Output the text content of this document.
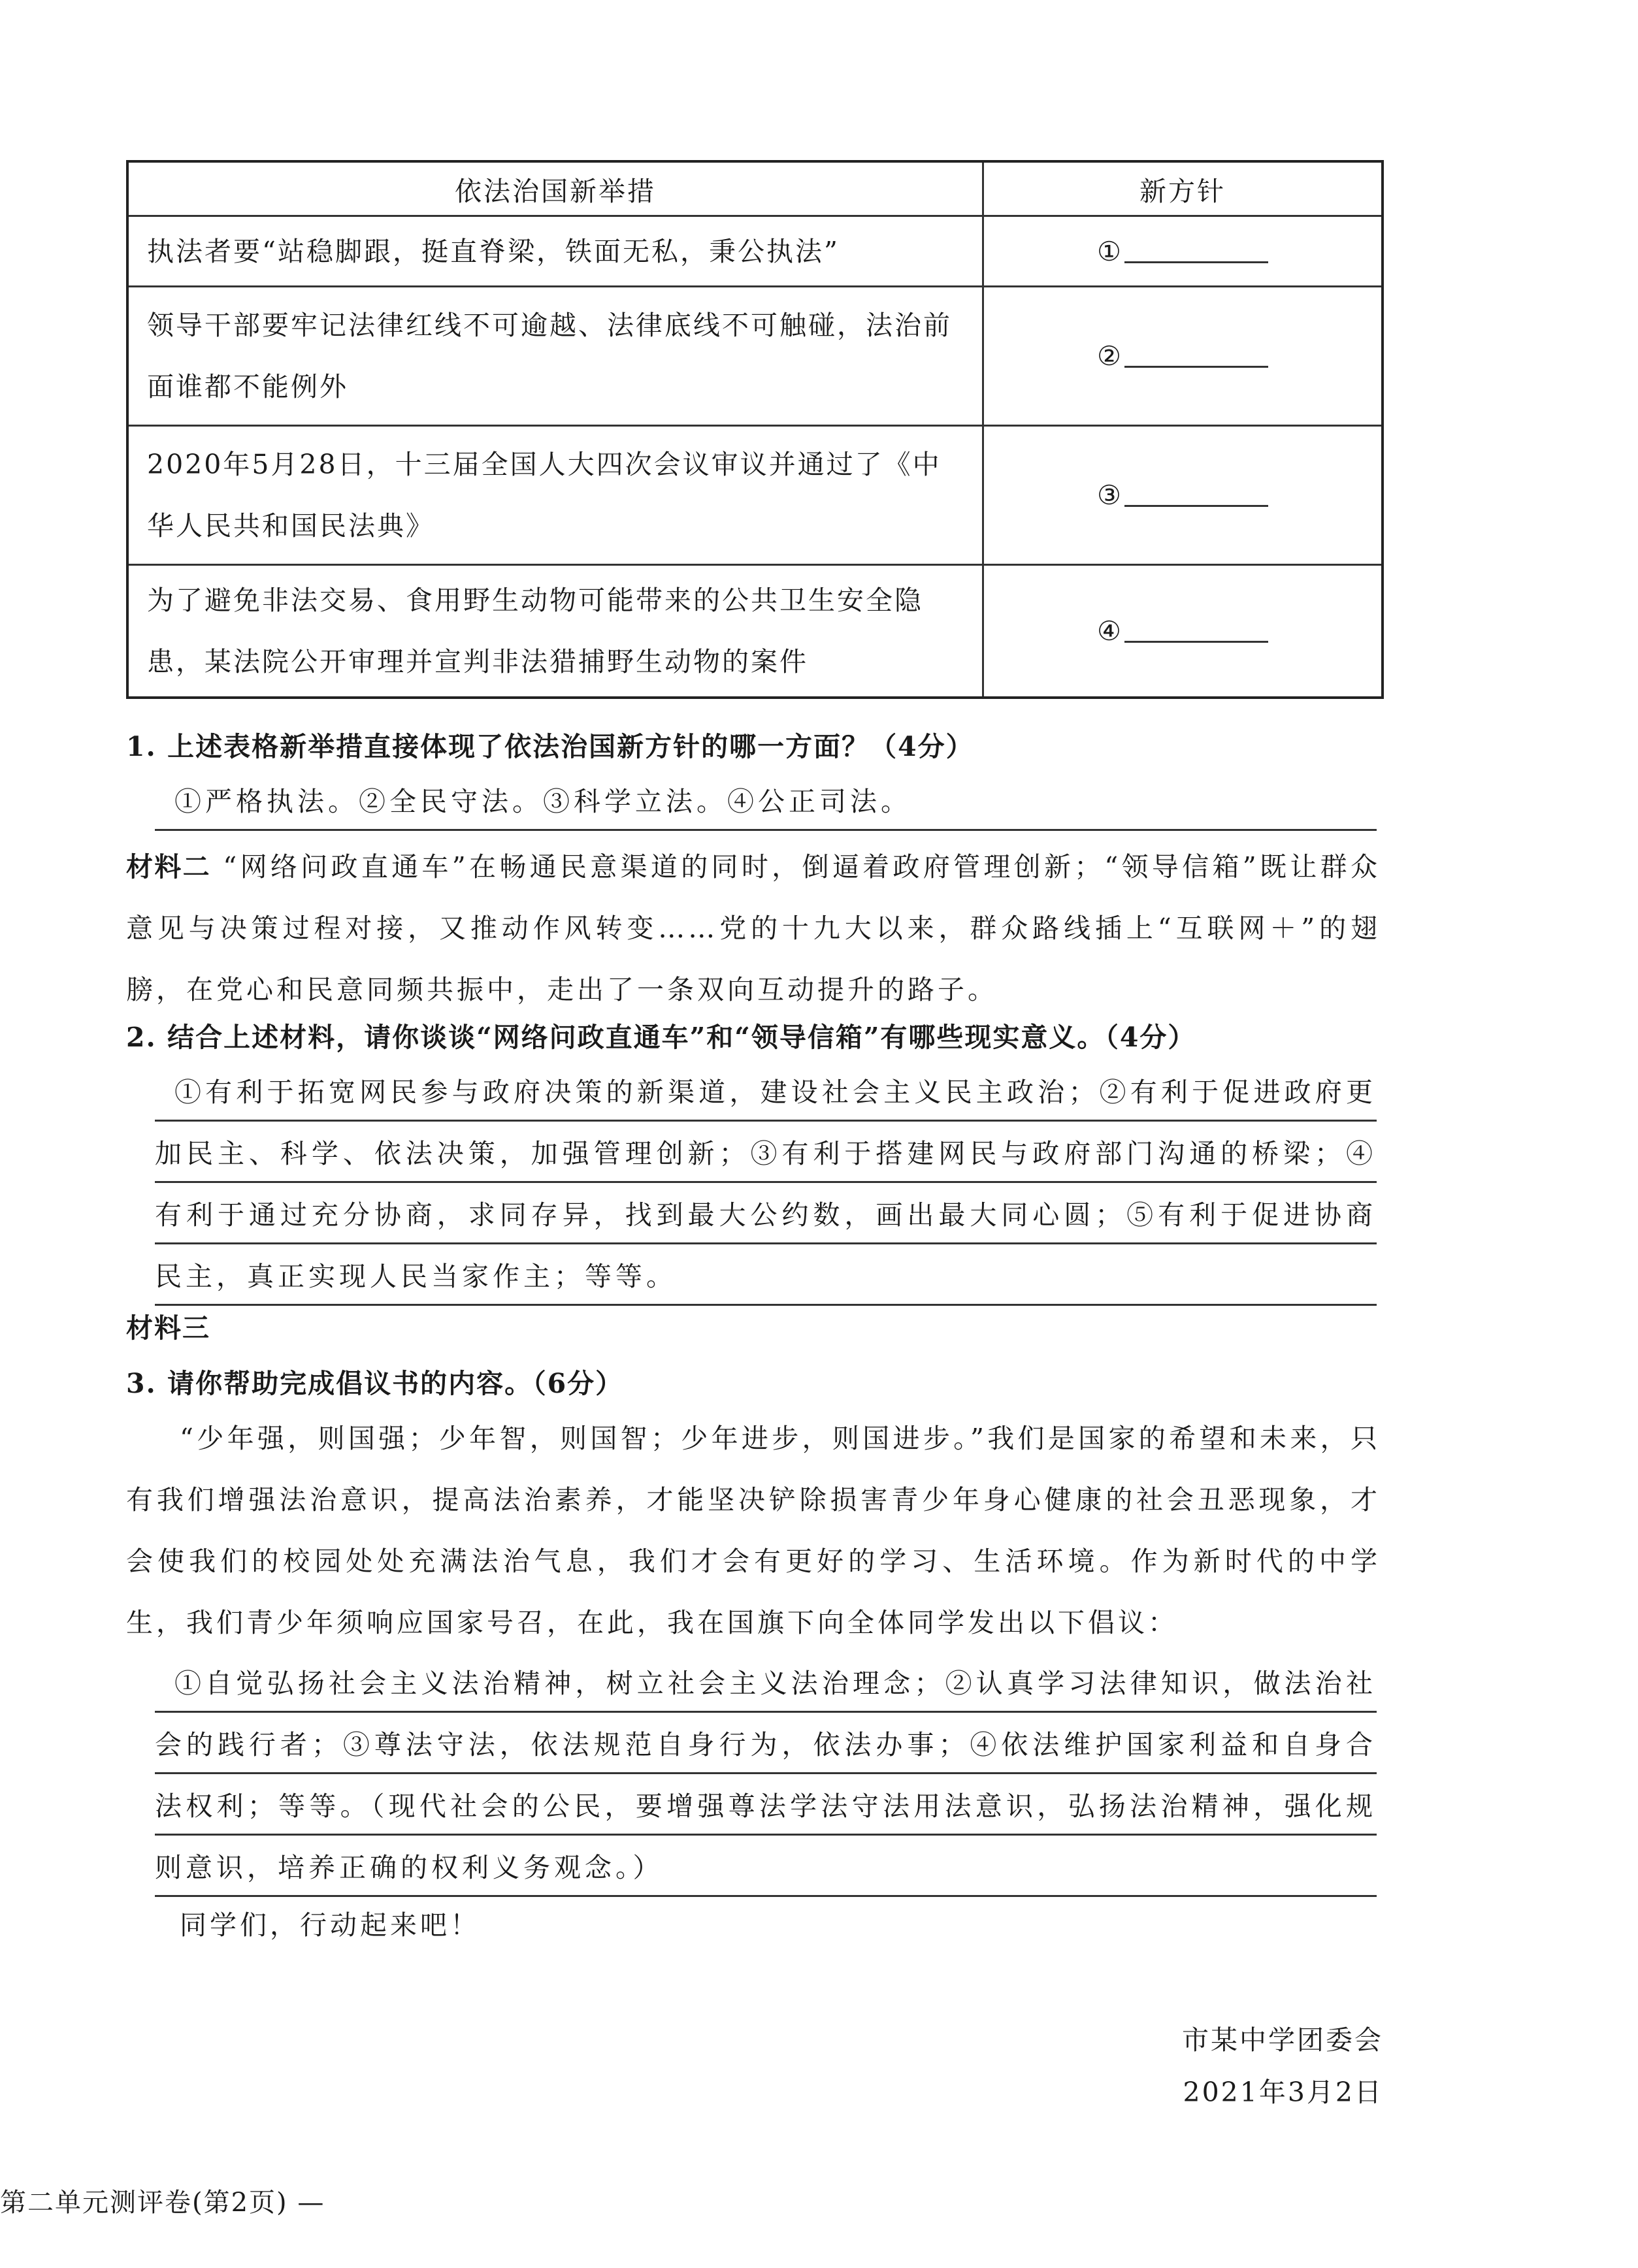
依法治国新举措	新方针
执法者要“站稳脚跟，挺直脊梁，铁面无私，秉公执法”	①

领导干部要牢记法律红线不可逾越、法律底线不可触碰，法治前面谁都不能例外	②

2020年5月28日，十三届全国人大四次会议审议并通过了《中华人民共和国民法典》	③

为了避免非法交易、食用野生动物可能带来的公共卫生安全隐患，某法院公开审理并宣判非法猎捕野生动物的案件	④
1. 上述表格新举措直接体现了依法治国新方针的哪一方面？（4分）
①严格执法。②全民守法。③科学立法。④公正司法。
材料二 “网络问政直通车”在畅通民意渠道的同时，倒逼着政府管理创新；“领导信箱”既让群众意见与决策过程对接，又推动作风转变……党的十九大以来，群众路线插上“互联网＋”的翅膀，在党心和民意同频共振中，走出了一条双向互动提升的路子。
2. 结合上述材料，请你谈谈“网络问政直通车”和“领导信箱”有哪些现实意义。（4分）
①有利于拓宽网民参与政府决策的新渠道，建设社会主义民主政治；②有利于促进政府更加民主、科学、依法决策，加强管理创新；③有利于搭建网民与政府部门沟通的桥梁；④有利于通过充分协商，求同存异，找到最大公约数，画出最大同心圆；⑤有利于促进协商民主，真正实现人民当家作主；等等。
材料三
3. 请你帮助完成倡议书的内容。（6分）
“少年强，则国强；少年智，则国智；少年进步，则国进步。”我们是国家的希望和未来，只有我们增强法治意识，提高法治素养，才能坚决铲除损害青少年身心健康的社会丑恶现象，才会使我们的校园处处充满法治气息，我们才会有更好的学习、生活环境。作为新时代的中学生，我们青少年须响应国家号召，在此，我在国旗下向全体同学发出以下倡议：
①自觉弘扬社会主义法治精神，树立社会主义法治理念；②认真学习法律知识，做法治社会的践行者；③尊法守法，依法规范自身行为，依法办事；④依法维护国家利益和自身合法权利；等等。（现代社会的公民，要增强尊法学法守法用法意识，弘扬法治精神，强化规则意识，培养正确的权利义务观念。）
同学们，行动起来吧！
市某中学团委会
2021年3月2日
第二单元测评卷(第2页) —
